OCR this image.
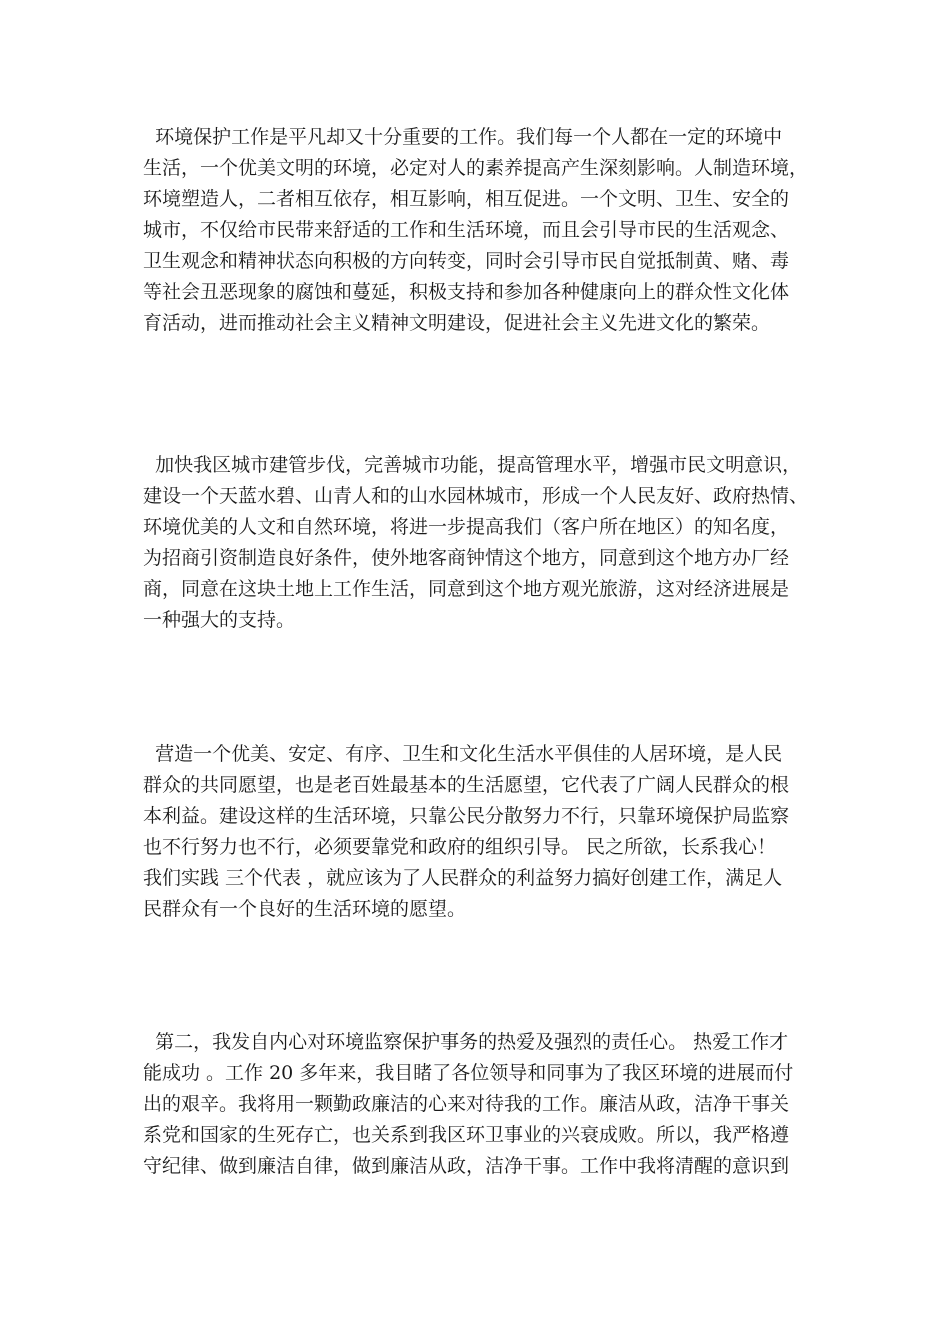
环境保护工作是平凡却又十分重要的工作。我们每一个人都在一定的环境中
生活，一个优美文明的环境，必定对人的素养提高产生深刻影响。人制造环境，
环境塑造人，二者相互依存，相互影响，相互促进。一个文明、卫生、安全的
城市，不仅给市民带来舒适的工作和生活环境，而且会引导市民的生活观念、
卫生观念和精神状态向积极的方向转变，同时会引导市民自觉抵制黄、赌、毒
等社会丑恶现象的腐蚀和蔓延，积极支持和参加各种健康向上的群众性文化体
育活动，进而推动社会主义精神文明建设，促进社会主义先进文化的繁荣。
加快我区城市建管步伐，完善城市功能，提高管理水平，增强市民文明意识，
建设一个天蓝水碧、山青人和的山水园林城市，形成一个人民友好、政府热情、
环境优美的人文和自然环境，将进一步提高我们（客户所在地区）的知名度，
为招商引资制造良好条件，使外地客商钟情这个地方，同意到这个地方办厂经
商，同意在这块土地上工作生活，同意到这个地方观光旅游，这对经济进展是
一种强大的支持。
营造一个优美、安定、有序、卫生和文化生活水平俱佳的人居环境，是人民
群众的共同愿望，也是老百姓最基本的生活愿望，它代表了广阔人民群众的根
本利益。建设这样的生活环境，只靠公民分散努力不行，只靠环境保护局监察
也不行努力也不行，必须要靠党和政府的组织引导。 民之所欲，长系我心！
我们实践 三个代表 ，就应该为了人民群众的利益努力搞好创建工作，满足人
民群众有一个良好的生活环境的愿望。
第二，我发自内心对环境监察保护事务的热爱及强烈的责任心。 热爱工作才
能成功 。工作 20 多年来，我目睹了各位领导和同事为了我区环境的进展而付
出的艰辛。我将用一颗勤政廉洁的心来对待我的工作。廉洁从政，洁净干事关
系党和国家的生死存亡，也关系到我区环卫事业的兴衰成败。所以，我严格遵
守纪律、做到廉洁自律，做到廉洁从政，洁净干事。工作中我将清醒的意识到
